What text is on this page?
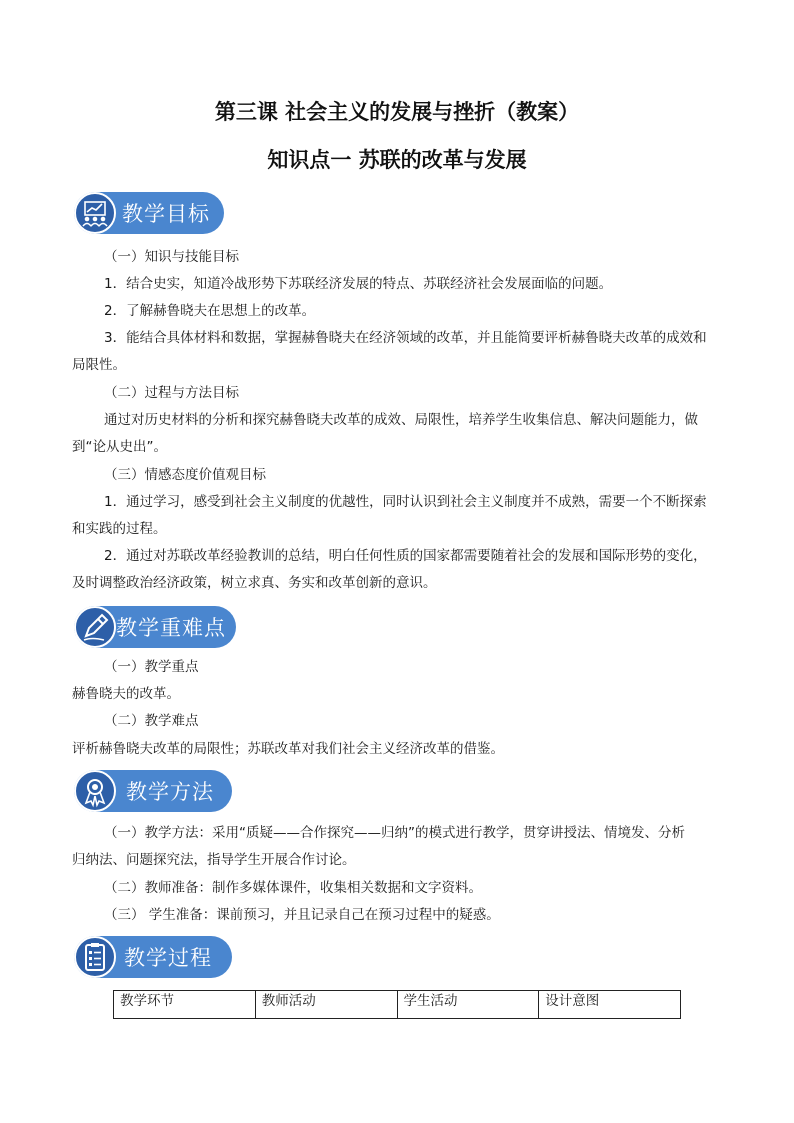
第三课 社会主义的发展与挫折（教案）
知识点一 苏联的改革与发展
教学目标
（一）知识与技能目标
1．结合史实，知道冷战形势下苏联经济发展的特点、苏联经济社会发展面临的问题。
2．了解赫鲁晓夫在思想上的改革。
3．能结合具体材料和数据，掌握赫鲁晓夫在经济领域的改革，并且能简要评析赫鲁晓夫改革的成效和
局限性。
（二）过程与方法目标
通过对历史材料的分析和探究赫鲁晓夫改革的成效、局限性，培养学生收集信息、解决问题能力，做
到“论从史出”。
（三）情感态度价值观目标
1．通过学习，感受到社会主义制度的优越性，同时认识到社会主义制度并不成熟，需要一个不断探索
和实践的过程。
2．通过对苏联改革经验教训的总结，明白任何性质的国家都需要随着社会的发展和国际形势的变化，
及时调整政治经济政策，树立求真、务实和改革创新的意识。
教学重难点
（一）教学重点
赫鲁晓夫的改革。
（二）教学难点
评析赫鲁晓夫改革的局限性；苏联改革对我们社会主义经济改革的借鉴。
教学方法
（一）教学方法：采用“质疑——合作探究——归纳”的模式进行教学，贯穿讲授法、情境发、分析
归纳法、问题探究法，指导学生开展合作讨论。
（二）教师准备：制作多媒体课件，收集相关数据和文字资料。
（三） 学生准备：课前预习，并且记录自己在预习过程中的疑惑。
教学过程
教学环节	教师活动	学生活动	设计意图
